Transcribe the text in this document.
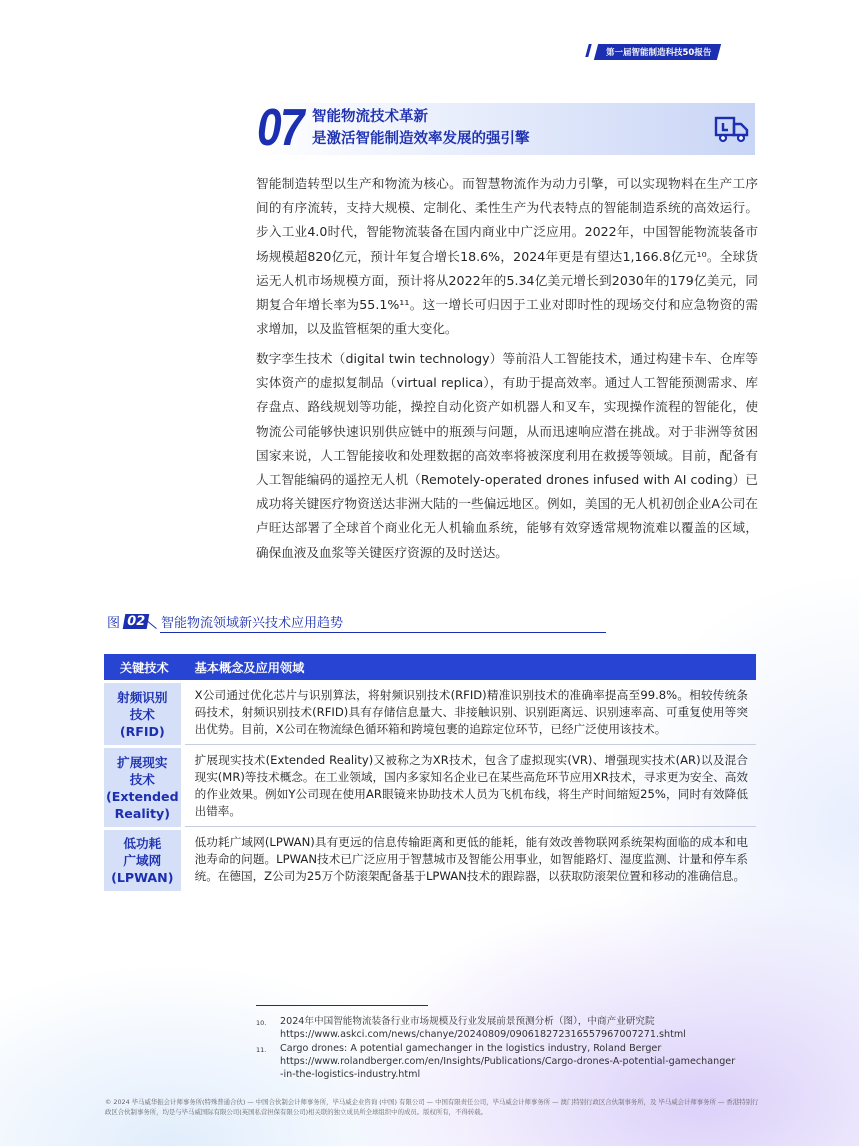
第一届智能制造科技50报告
07 智能物流技术革新
是激活智能制造效率发展的强引擎

智能制造转型以生产和物流为核心。而智慧物流作为动力引擎，可以实现物料在生产工序间的有序流转，支持大规模、定制化、柔性生产为代表特点的智能制造系统的高效运行。步入工业4.0时代，智能物流装备在国内商业中广泛应用。2022年，中国智能物流装备市场规模超820亿元，预计年复合增长18.6%，2024年更是有望达1,166.8亿元¹⁰。全球货运无人机市场规模方面，预计将从2022年的5.34亿美元增长到2030年的179亿美元，同期复合年增长率为55.1%¹¹。这一增长可归因于工业对即时性的现场交付和应急物资的需求增加，以及监管框架的重大变化。

数字孪生技术（digital twin technology）等前沿人工智能技术，通过构建卡车、仓库等实体资产的虚拟复制品（virtual replica），有助于提高效率。通过人工智能预测需求、库存盘点、路线规划等功能，操控自动化资产如机器人和叉车，实现操作流程的智能化，使物流公司能够快速识别供应链中的瓶颈与问题，从而迅速响应潜在挑战。对于非洲等贫困国家来说，人工智能接收和处理数据的高效率将被深度利用在救援等领域。目前，配备有人工智能编码的遥控无人机（Remotely-operated drones infused with AI coding）已成功将关键医疗物资送达非洲大陆的一些偏远地区。例如，美国的无人机初创企业A公司在卢旺达部署了全球首个商业化无人机输血系统，能够有效穿透常规物流难以覆盖的区域，确保血液及血浆等关键医疗资源的及时送达。

图 02 智能物流领域新兴技术应用趋势
关键技术	基本概念及应用领域

射频识别
技术
(RFID)	X公司通过优化芯片与识别算法，将射频识别技术(RFID)精准识别技术的准确率提高至99.8%。相较传统条码技术，射频识别技术(RFID)具有存储信息量大、非接触识别、识别距离远、识别速率高、可重复使用等突出优势。目前，X公司在物流绿色循环箱和跨境包裹的追踪定位环节，已经广泛使用该技术。

扩展现实
技术
(Extended
Reality)	扩展现实技术(Extended Reality)又被称之为XR技术，包含了虚拟现实(VR)、增强现实技术(AR)以及混合现实(MR)等技术概念。在工业领域，国内多家知名企业已在某些高危环节应用XR技术，寻求更为安全、高效的作业效果。例如Y公司现在使用AR眼镜来协助技术人员为飞机布线，将生产时间缩短25%，同时有效降低出错率。

低功耗
广域网
(LPWAN)	低功耗广域网(LPWAN)具有更远的信息传输距离和更低的能耗，能有效改善物联网系统架构面临的成本和电池寿命的问题。LPWAN技术已广泛应用于智慧城市及智能公用事业，如智能路灯、湿度监测、计量和停车系统。在德国，Z公司为25万个防滚架配备基于LPWAN技术的跟踪器，以获取防滚架位置和移动的准确信息。
10.	2024年中国智能物流装备行业市场规模及行业发展前景预测分析（图），中商产业研究院
https://www.askci.com/news/chanye/20240809/0906182723165579670072​71.shtml
11.	Cargo drones: A potential gamechanger in the logistics industry, Roland Berger
https://www.rolandberger.com/en/Insights/Publications/Cargo-drones-A-potential-gamechanger-in-the-logistics-industry.html
© 2024 毕马威华振会计师事务所(特殊普通合伙) — 中国合伙制会计师事务所，毕马威企业咨询 (中国) 有限公司 — 中国有限责任公司，毕马威会计师事务所 — 澳门特别行政区合伙制事务所，及 毕马威会计师事务所 — 香港特别行政区合伙制事务所，均是与毕马威国际有限公司(英国私营担保有限公司)相关联的独立成员所全球组织中的成员。版权所有，不得转载。
